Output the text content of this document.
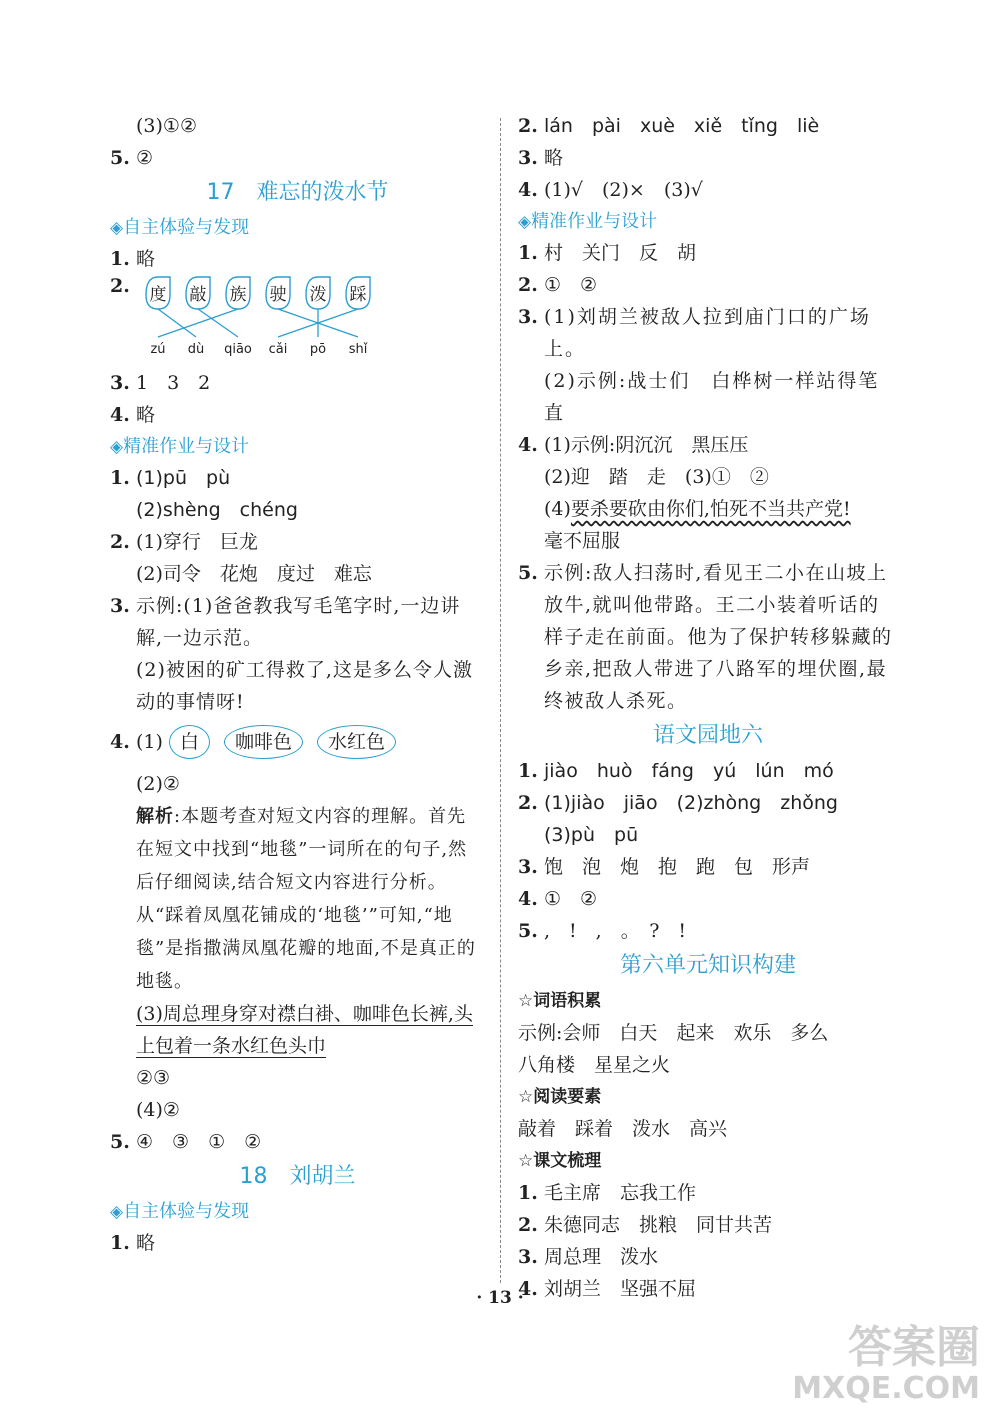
(3)①②
5. ②
17　难忘的泼水节
◈自主体验与发现
1. 略
2.	度 敲 族 驶 泼 踩
zú dù qiāo cǎi pō shǐ
3. 1　3　2
4. 略
◈精准作业与设计
1. (1)pū　pù
(2)shèng　chéng
2. (1)穿行　巨龙
(2)司令　花炮　度过　难忘
3. 示例:(1)爸爸教我写毛笔字时,一边讲解,一边示范。
(2)被困的矿工得救了,这是多么令人激动的事情呀!
4. (1) 白 咖啡色 水红色
(2)②
解析:本题考查对短文内容的理解。首先在短文中找到“地毯”一词所在的句子,然后仔细阅读,结合短文内容进行分析。从“踩着凤凰花铺成的‘地毯’”可知,“地毯”是指撒满凤凰花瓣的地面,不是真正的地毯。
(3)周总理身穿对襟白褂、咖啡色长裤,头上包着一条水红色头巾
②③
(4)②
5. ④　③　①　②
18　刘胡兰
◈自主体验与发现
1. 略
2. lán　pài　xuè　xiě　tǐng　liè
3. 略
4. (1)√　(2)×　(3)√
◈精准作业与设计
1. 村　关门　反　胡
2. ①　②
3. (1)刘胡兰被敌人拉到庙门口的广场上。
(2)示例:战士们　白桦树一样站得笔直
4. (1)示例:阴沉沉　黑压压
(2)迎　踏　走　(3)①　②
(4)要杀要砍由你们,怕死不当共产党!
毫不屈服
5. 示例:敌人扫荡时,看见王二小在山坡上放牛,就叫他带路。王二小装着听话的样子走在前面。他为了保护转移躲藏的乡亲,把敌人带进了八路军的埋伏圈,最终被敌人杀死。
语文园地六
1. jiào　huò　fáng　yú　lún　mó
2. (1)jiào　jiāo　(2)zhòng　zhǒng
(3)pù　pū
3. 饱　泡　炮　抱　跑　包　形声
4. ①　②
5. ,　!　,　。　?　!
第六单元知识构建
☆词语积累
示例:会师　白天　起来　欢乐　多么
八角楼　星星之火
☆阅读要素
敲着　踩着　泼水　高兴
☆课文梳理
1. 毛主席　忘我工作
2. 朱德同志　挑粮　同甘共苦
3. 周总理　泼水
4. 刘胡兰　坚强不屈
· 13 ·
答案圈
MXQE.COM
